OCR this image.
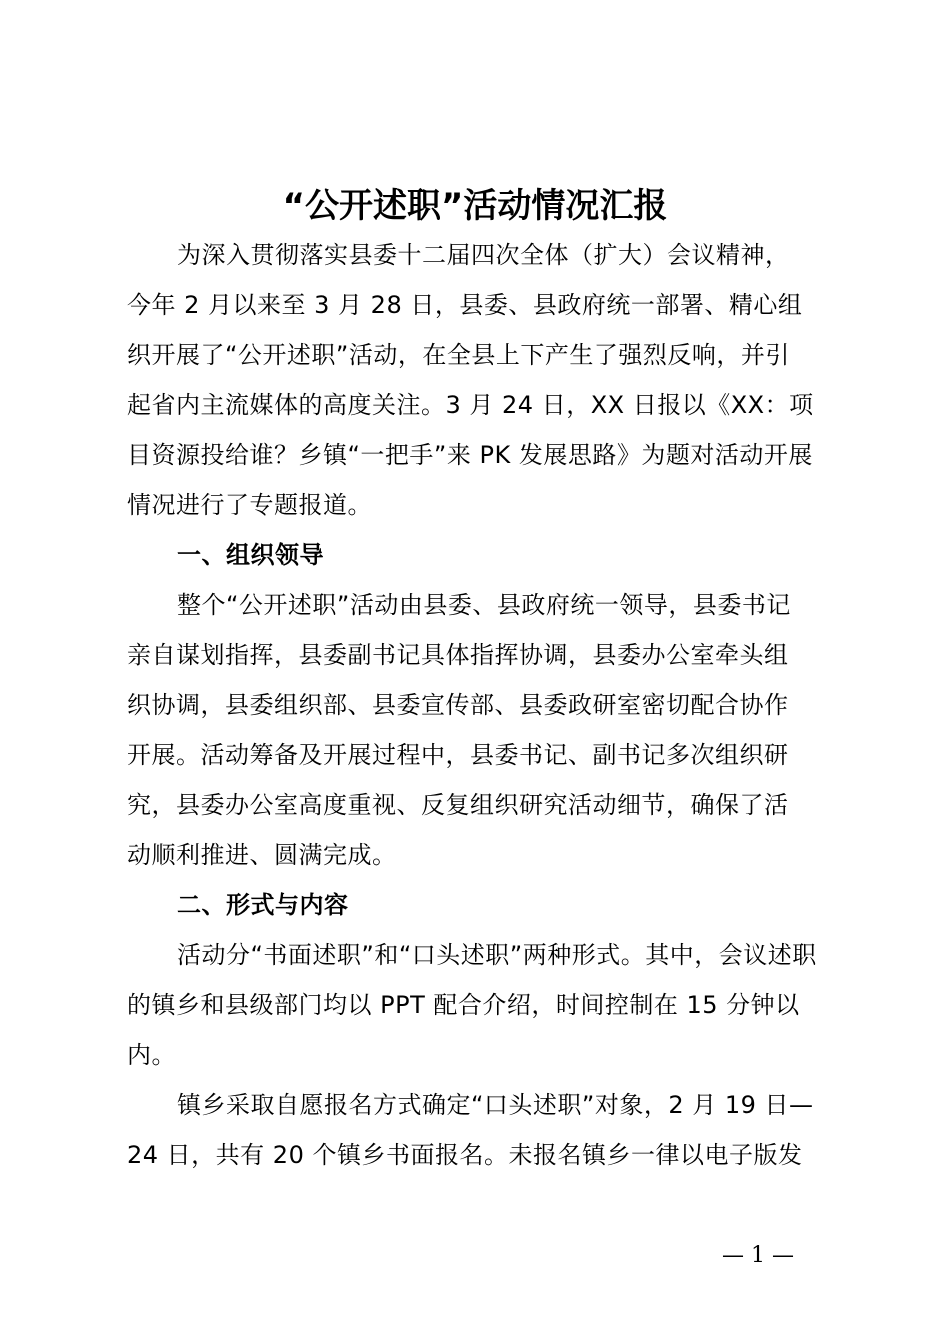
“公开述职”活动情况汇报
为深入贯彻落实县委十二届四次全体（扩大）会议精神，
今年 2 月以来至 3 月 28 日，县委、县政府统一部署、精心组
织开展了“公开述职”活动，在全县上下产生了强烈反响，并引
起省内主流媒体的高度关注。3 月 24 日，XX 日报以《XX：项
目资源投给谁？乡镇“一把手”来 PK 发展思路》为题对活动开展
情况进行了专题报道。
一、组织领导
整个“公开述职”活动由县委、县政府统一领导，县委书记
亲自谋划指挥，县委副书记具体指挥协调，县委办公室牵头组
织协调，县委组织部、县委宣传部、县委政研室密切配合协作
开展。活动筹备及开展过程中，县委书记、副书记多次组织研
究，县委办公室高度重视、反复组织研究活动细节，确保了活
动顺利推进、圆满完成。
二、形式与内容
活动分“书面述职”和“口头述职”两种形式。其中，会议述职
的镇乡和县级部门均以 PPT 配合介绍，时间控制在 15 分钟以
内。
镇乡采取自愿报名方式确定“口头述职”对象，2 月 19 日—
24 日，共有 20 个镇乡书面报名。未报名镇乡一律以电子版发
— 1 —
